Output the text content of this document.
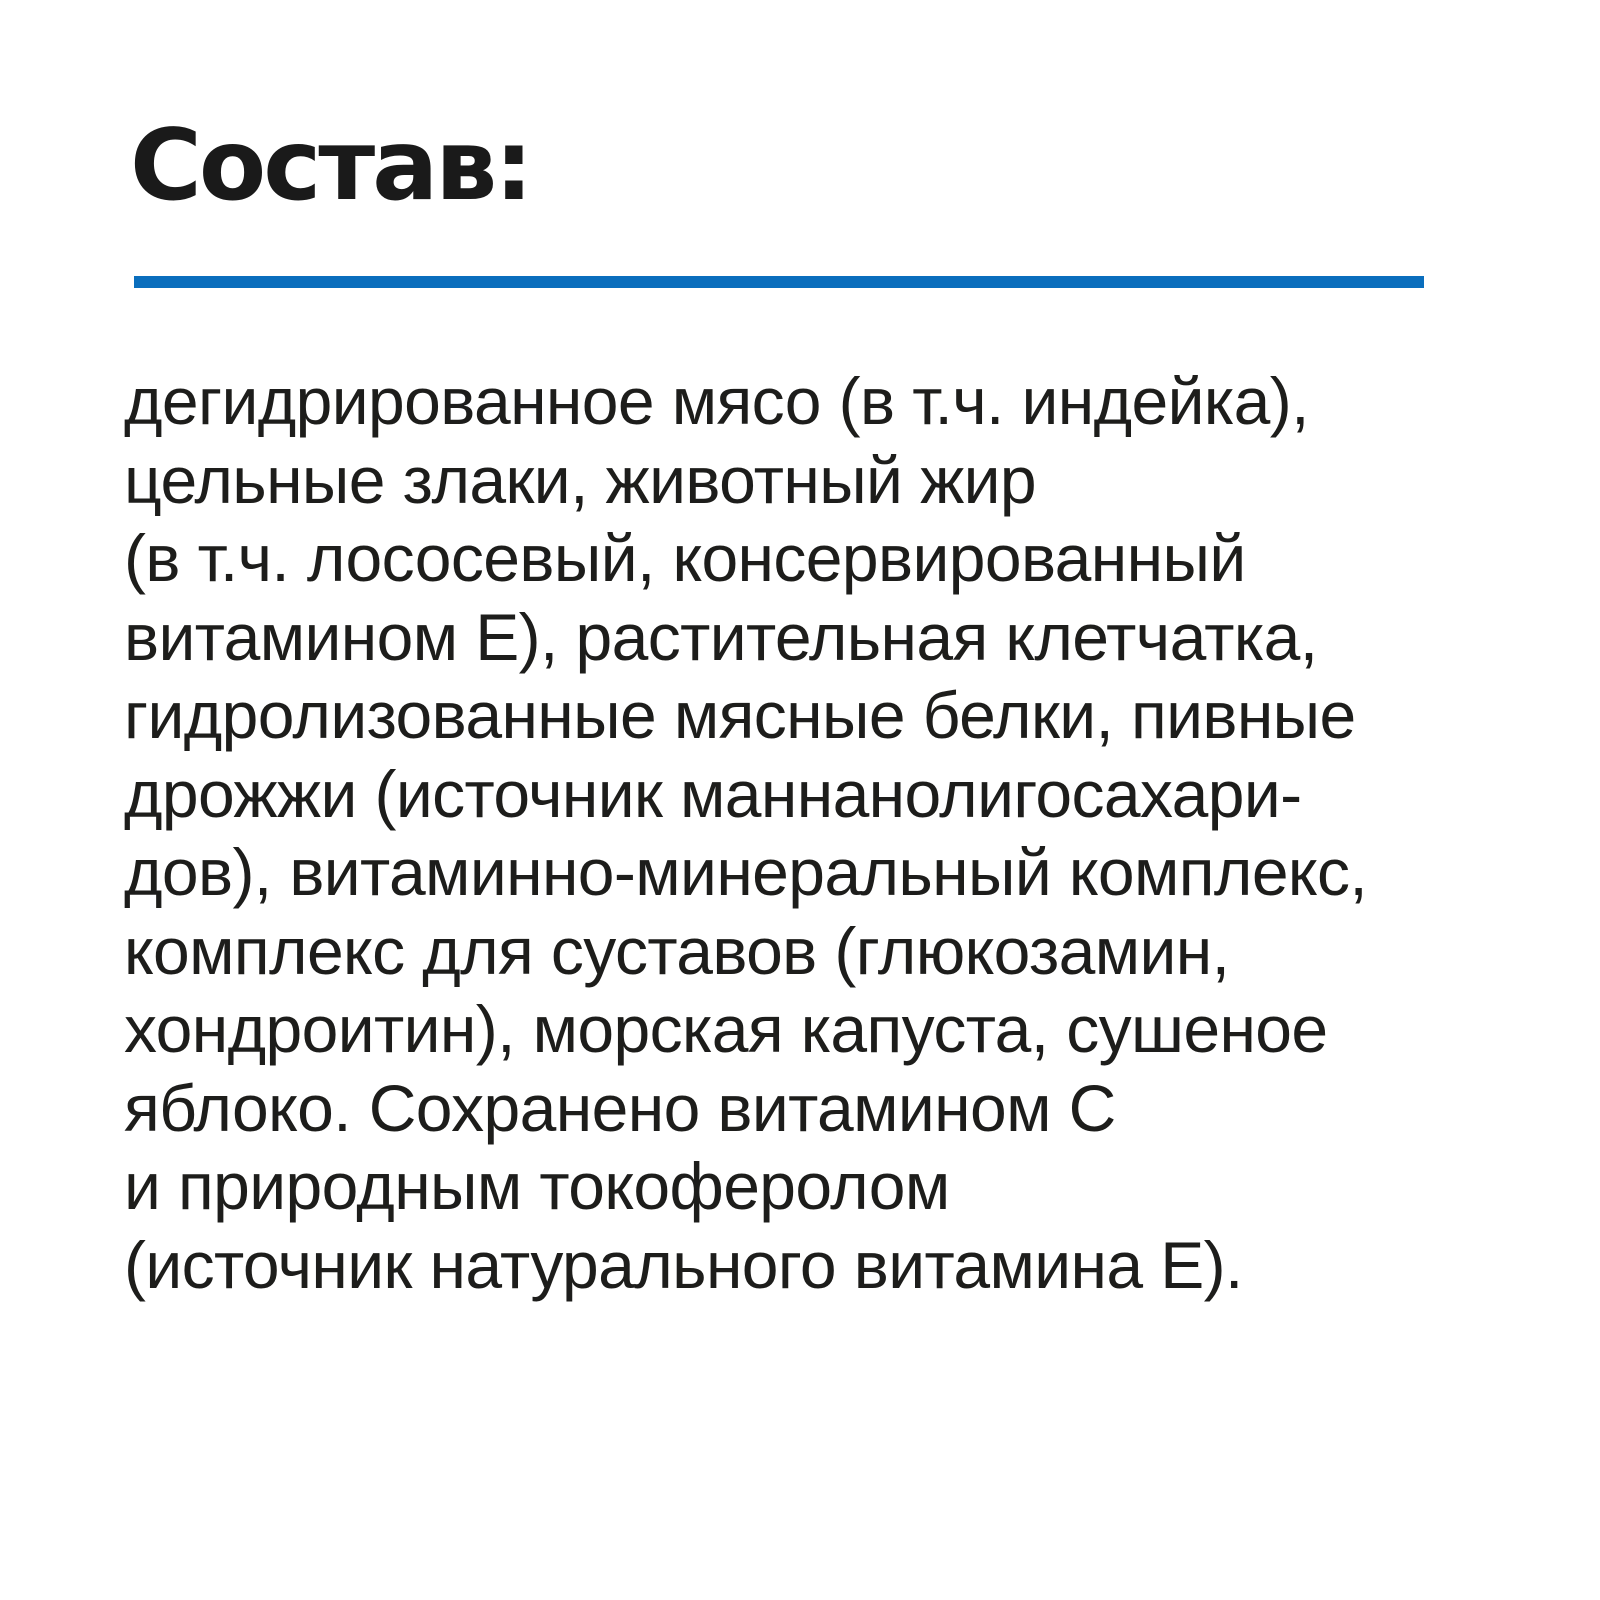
Состав:
дегидрированное мясо (в т.ч. индейка),
цельные злаки, животный жир
(в т.ч. лососевый, консервированный
витамином Е), растительная клетчатка,
гидролизованные мясные белки, пивные
дрожжи (источник маннанолигосахари-
дов), витаминно-минеральный комплекс,
комплекс для суставов (глюкозамин,
хондроитин), морская капуста, сушеное
яблоко. Сохранено витамином С
и природным токоферолом
(источник натурального витамина Е).
